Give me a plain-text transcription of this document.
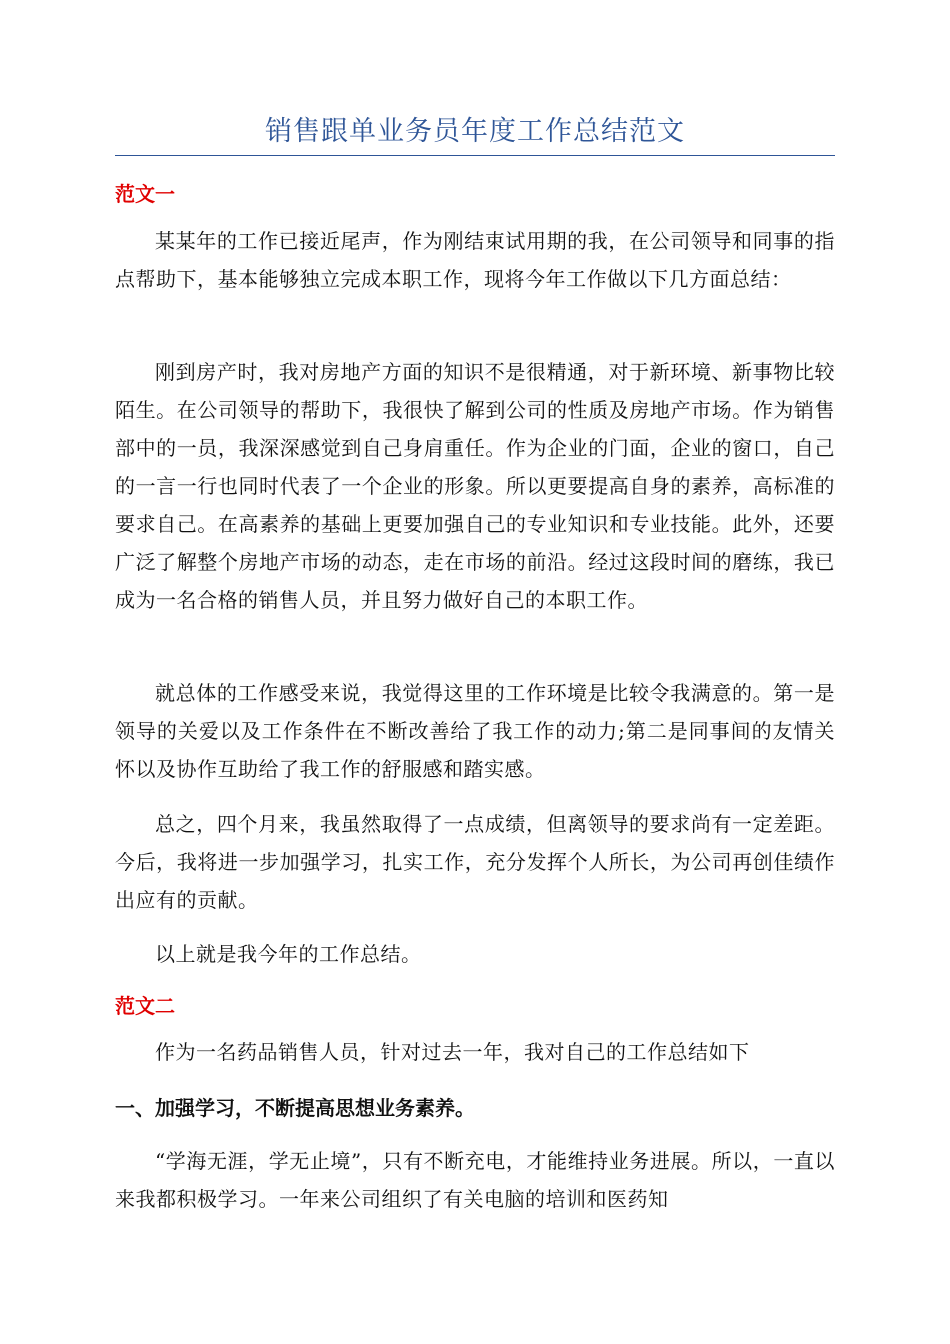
销售跟单业务员年度工作总结范文
范文一

某某年的工作已接近尾声，作为刚结束试用期的我，在公司领导和同事的指点帮助下，基本能够独立完成本职工作，现将今年工作做以下几方面总结：

刚到房产时，我对房地产方面的知识不是很精通，对于新环境、新事物比较陌生。在公司领导的帮助下，我很快了解到公司的性质及房地产市场。作为销售部中的一员，我深深感觉到自己身肩重任。作为企业的门面，企业的窗口，自己的一言一行也同时代表了一个企业的形象。所以更要提高自身的素养，高标准的要求自己。在高素养的基础上更要加强自己的专业知识和专业技能。此外，还要广泛了解整个房地产市场的动态，走在市场的前沿。经过这段时间的磨练，我已成为一名合格的销售人员，并且努力做好自己的本职工作。

就总体的工作感受来说，我觉得这里的工作环境是比较令我满意的。第一是领导的关爱以及工作条件在不断改善给了我工作的动力;第二是同事间的友情关怀以及协作互助给了我工作的舒服感和踏实感。

总之，四个月来，我虽然取得了一点成绩，但离领导的要求尚有一定差距。今后，我将进一步加强学习，扎实工作，充分发挥个人所长，为公司再创佳绩作出应有的贡献。

以上就是我今年的工作总结。

范文二

作为一名药品销售人员，针对过去一年，我对自己的工作总结如下

一、加强学习，不断提高思想业务素养。

“学海无涯，学无止境”，只有不断充电，才能维持业务进展。所以，一直以来我都积极学习。一年来公司组织了有关电脑的培训和医药知
